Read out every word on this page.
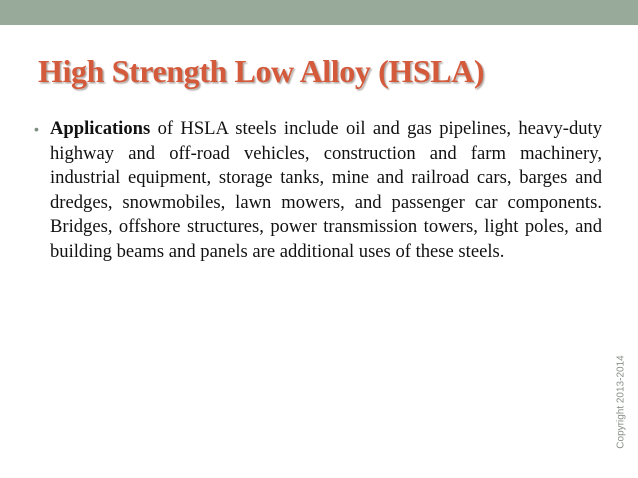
High Strength Low Alloy (HSLA)
• Applications of HSLA steels include oil and gas pipelines, heavy-duty highway and off-road vehicles, construction and farm machinery, industrial equipment, storage tanks, mine and railroad cars, barges and dredges, snowmobiles, lawn mowers, and passenger car components. Bridges, offshore structures, power transmission towers, light poles, and building beams and panels are additional uses of these steels.
Copyright 2013-2014
